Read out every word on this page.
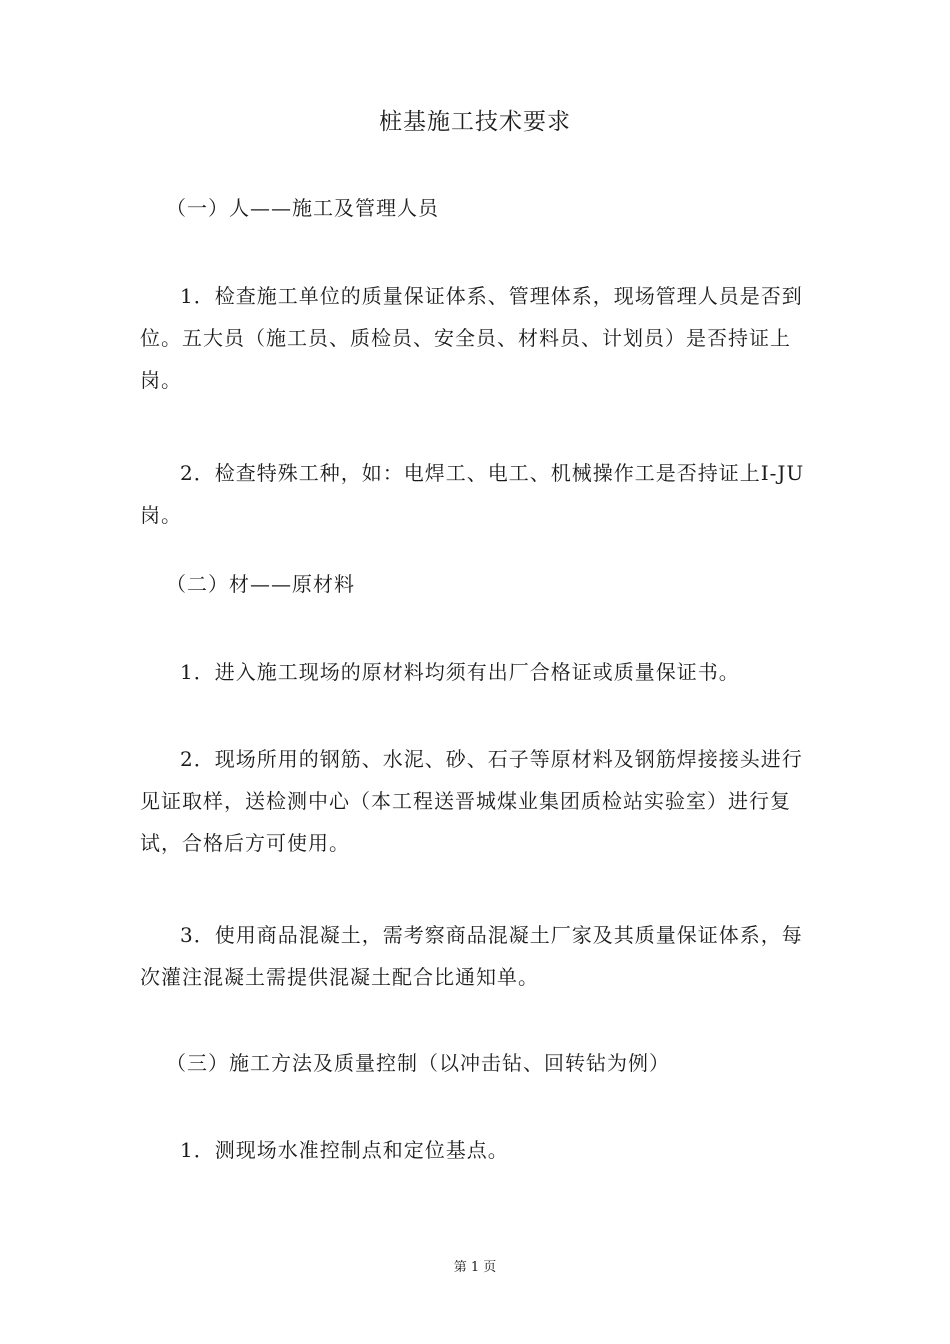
桩基施工技术要求

（一）人——施工及管理人员

1．检查施工单位的质量保证体系、管理体系，现场管理人员是否到位。五大员（施工员、质检员、安全员、材料员、计划员）是否持证上岗。

2．检查特殊工种，如：电焊工、电工、机械操作工是否持证上I-JU岗。

（二）材——原材料

1．进入施工现场的原材料均须有出厂合格证或质量保证书。

2．现场所用的钢筋、水泥、砂、石子等原材料及钢筋焊接接头进行见证取样，送检测中心（本工程送晋城煤业集团质检站实验室）进行复试，合格后方可使用。

3．使用商品混凝土，需考察商品混凝土厂家及其质量保证体系，每次灌注混凝土需提供混凝土配合比通知单。

（三）施工方法及质量控制（以冲击钻、回转钻为例）

1．测现场水准控制点和定位基点。

第 1 页
